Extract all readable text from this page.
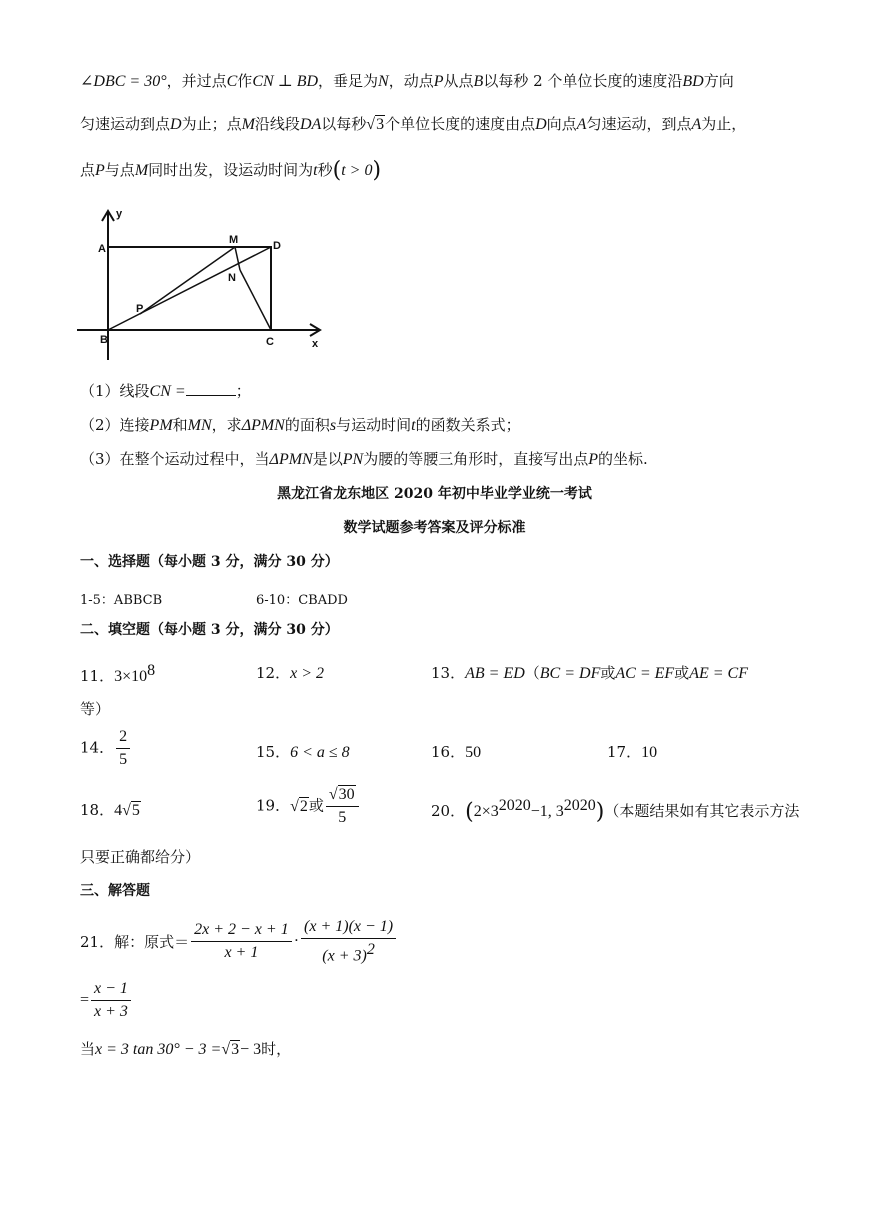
∠DBC = 30°，并过点C作CN ⊥ BD，垂足为N，动点P从点B以每秒 2 个单位长度的速度沿BD方向
匀速运动到点D为止；点M沿线段DA以每秒√3个单位长度的速度由点D向点A匀速运动，到点A为止，
点P与点M同时出发，设运动时间为t秒(t > 0)
y
x
A
M	D
N
P
B	C
（1）线段CN =	；
（2）连接PM和MN，求ΔPMN的面积s与运动时间t的函数关系式；
（3）在整个运动过程中，当ΔPMN是以PN为腰的等腰三角形时，直接写出点P的坐标.
黑龙江省龙东地区 2020 年初中毕业学业统一考试
数学试题参考答案及评分标准
一、选择题（每小题 3 分，满分 30 分）
1-5：ABBCB	6-10：CBADD
二、填空题（每小题 3 分，满分 30 分）
11．$3\times 10^8$	12．x > 2	13．AB = ED（BC = DF或AC = EF或AE = CF
等）
14． $\frac{2}{5}$	15．6 < a ≤ 8	16．50	17．10
18．4√5	19．√2或 $\frac{√30}{5}$	20．($2\times 3^{2020}-1$, $3^{2020}$)（本题结果如有其它表示方法
只要正确都给分）
三、解答题
21．解：原式＝ $\frac{2x + 2 - x + 1}{x + 1} \cdot \frac{(x + 1)(x - 1)}{(x + 3)^2}$
= $\frac{x - 1}{x + 3}$
当x = 3 tan 30° − 3 =√3− 3时，
